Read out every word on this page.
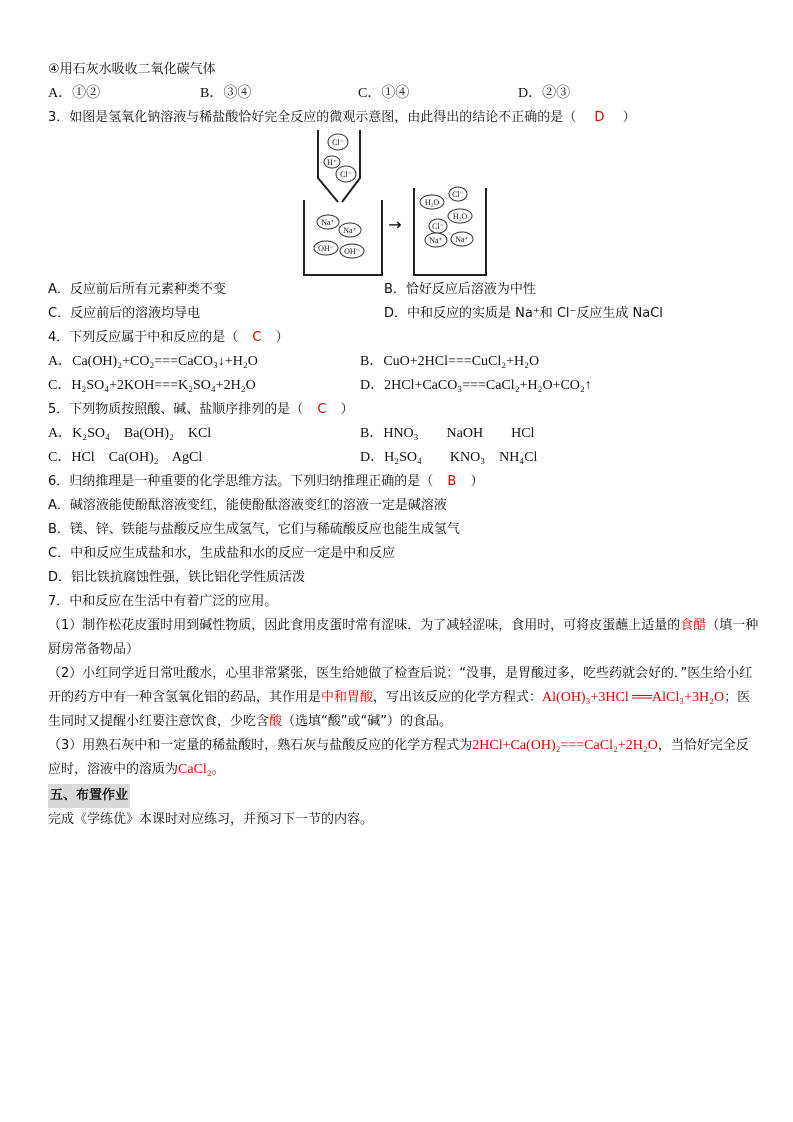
④用石灰水吸收二氧化碳气体
A．①②	B．③④	C．①④	D．②③
3．如图是氢氧化钠溶液与稀盐酸恰好完全反应的微观示意图，由此得出的结论不正确的是（ D ）
Cl⁻
H⁺
Cl⁻
Na⁺
Na⁺
OH⁻ OH⁻
→
H₂O
Cl⁻
H₂O
Cl⁻
Na⁺ Na⁺
A．反应前后所有元素种类不变	B．恰好反应后溶液为中性
C．反应前后的溶液均导电	D．中和反应的实质是 Na⁺和 Cl⁻反应生成 NaCl
4．下列反应属于中和反应的是（ C ）
A．Ca(OH)₂+CO₂===CaCO₃↓+H₂O	B．CuO+2HCl===CuCl₂+H₂O
C．H₂SO₄+2KOH===K₂SO₄+2H₂O	D．2HCl+CaCO₃===CaCl₂+H₂O+CO₂↑
5．下列物质按照酸、碱、盐顺序排列的是（ C ）
A．K₂SO₄    Ba(OH)₂    KCl	B．HNO₃        NaOH        HCl
C．HCl    Ca(OH)₂    AgCl	D．H₂SO₄        KNO₃    NH₄Cl
6．归纳推理是一种重要的化学思维方法。下列归纳推理正确的是（ B ）
A．碱溶液能使酚酞溶液变红，能使酚酞溶液变红的溶液一定是碱溶液
B．镁、锌、铁能与盐酸反应生成氢气，它们与稀硫酸反应也能生成氢气
C．中和反应生成盐和水，生成盐和水的反应一定是中和反应
D．铝比铁抗腐蚀性强，铁比铝化学性质活泼
7．中和反应在生活中有着广泛的应用。
（1）制作松花皮蛋时用到碱性物质，因此食用皮蛋时常有涩味．为了减轻涩味，食用时，可将皮蛋蘸上适量的食醋（填一种厨房常备物品）
（2）小红同学近日常吐酸水，心里非常紧张，医生给她做了检查后说：“没事，是胃酸过多，吃些药就会好的．”医生给小红开的药方中有一种含氢氧化铝的药品，其作用是中和胃酸，写出该反应的化学方程式：Al(OH)₃+3HCl ══AlCl₃+3H₂O；医生同时又提醒小红要注意饮食，少吃含酸（选填“酸”或“碱”）的食品。
（3）用熟石灰中和一定量的稀盐酸时，熟石灰与盐酸反应的化学方程式为2HCl+Ca(OH)₂===CaCl₂+2H₂O，当恰好完全反应时，溶液中的溶质为CaCl₂。
五、布置作业
完成《学练优》本课时对应练习，并预习下一节的内容。
